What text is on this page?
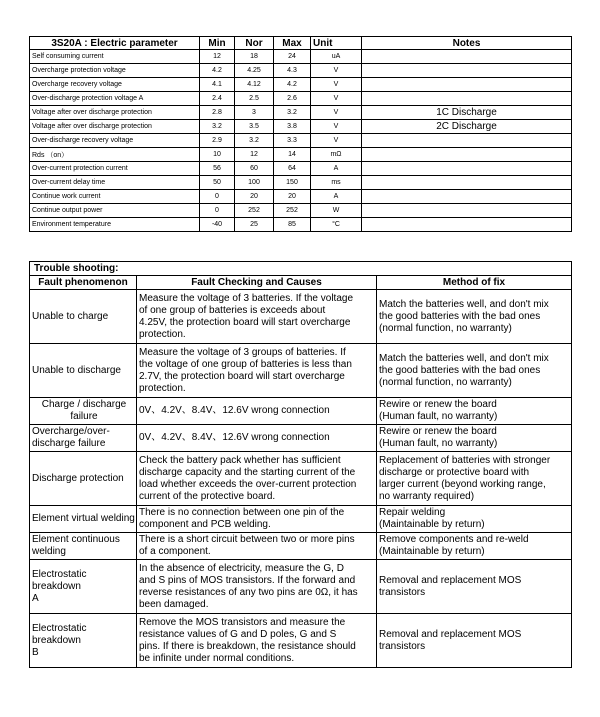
3S20A : Electric parameter	Min	Nor	Max	Unit	Notes
Self consuming current	12	18	24	uA	
Overcharge protection voltage	4.2	4.25	4.3	V	
Overcharge recovery voltage	4.1	4.12	4.2	V	
Over-discharge protection voltage A	2.4	2.5	2.6	V	
Voltage after over discharge protection	2.8	3	3.2	V	1C Discharge
Voltage after over discharge protection	3.2	3.5	3.8	V	2C Discharge
Over-discharge recovery voltage	2.9	3.2	3.3	V	
Rds （on）	10	12	14	mΩ	
Over-current protection current	56	60	64	A	
Over-current delay time	50	100	150	ms	
Continue work current	0	20	20	A	
Continue output power	0	252	252	W	
Environment temperature	-40	25	85	°C	
Trouble shooting:		
Fault phenomenon	Fault Checking and Causes	Method of fix
Unable to charge	Measure the voltage of 3 batteries. If the voltage
of one group of batteries is exceeds about
4.25V, the protection board will start overcharge
protection.	Match the batteries well, and don't mix
the good batteries with the bad ones
(normal function, no warranty)
Unable to discharge	Measure the voltage of 3 groups of batteries. If
the voltage of one group of batteries is less than
2.7V, the protection board will start overcharge
protection.	Match the batteries well, and don't mix
the good batteries with the bad ones
(normal function, no warranty)
Charge / discharge
failure	0V、4.2V、8.4V、12.6V wrong connection	Rewire or renew the board
(Human fault, no warranty)
Overcharge/over-
discharge failure	0V、4.2V、8.4V、12.6V wrong connection	Rewire or renew the board
(Human fault, no warranty)
Discharge protection	Check the battery pack whether has sufficient
discharge capacity and the starting current of the
load whether exceeds the over-current protection
current of the protective board.	Replacement of batteries with stronger
discharge or protective board with
larger current (beyond working range,
no warranty required)
Element virtual welding	There is no connection between one pin of the
component and PCB welding.	Repair welding
(Maintainable by return)
Element continuous
welding	There is a short circuit between two or more pins
of a component.	Remove components and re-weld
(Maintainable by return)
Electrostatic breakdown
A	In the absence of electricity, measure the G, D
and S pins of MOS transistors. If the forward and
reverse resistances of any two pins are 0Ω, it has
been damaged.	Removal and replacement MOS
transistors
Electrostatic breakdown
B	Remove the MOS transistors and measure the
resistance values of G and D poles, G and S
pins. If there is breakdown, the resistance should
be infinite under normal conditions.	Removal and replacement MOS
transistors
